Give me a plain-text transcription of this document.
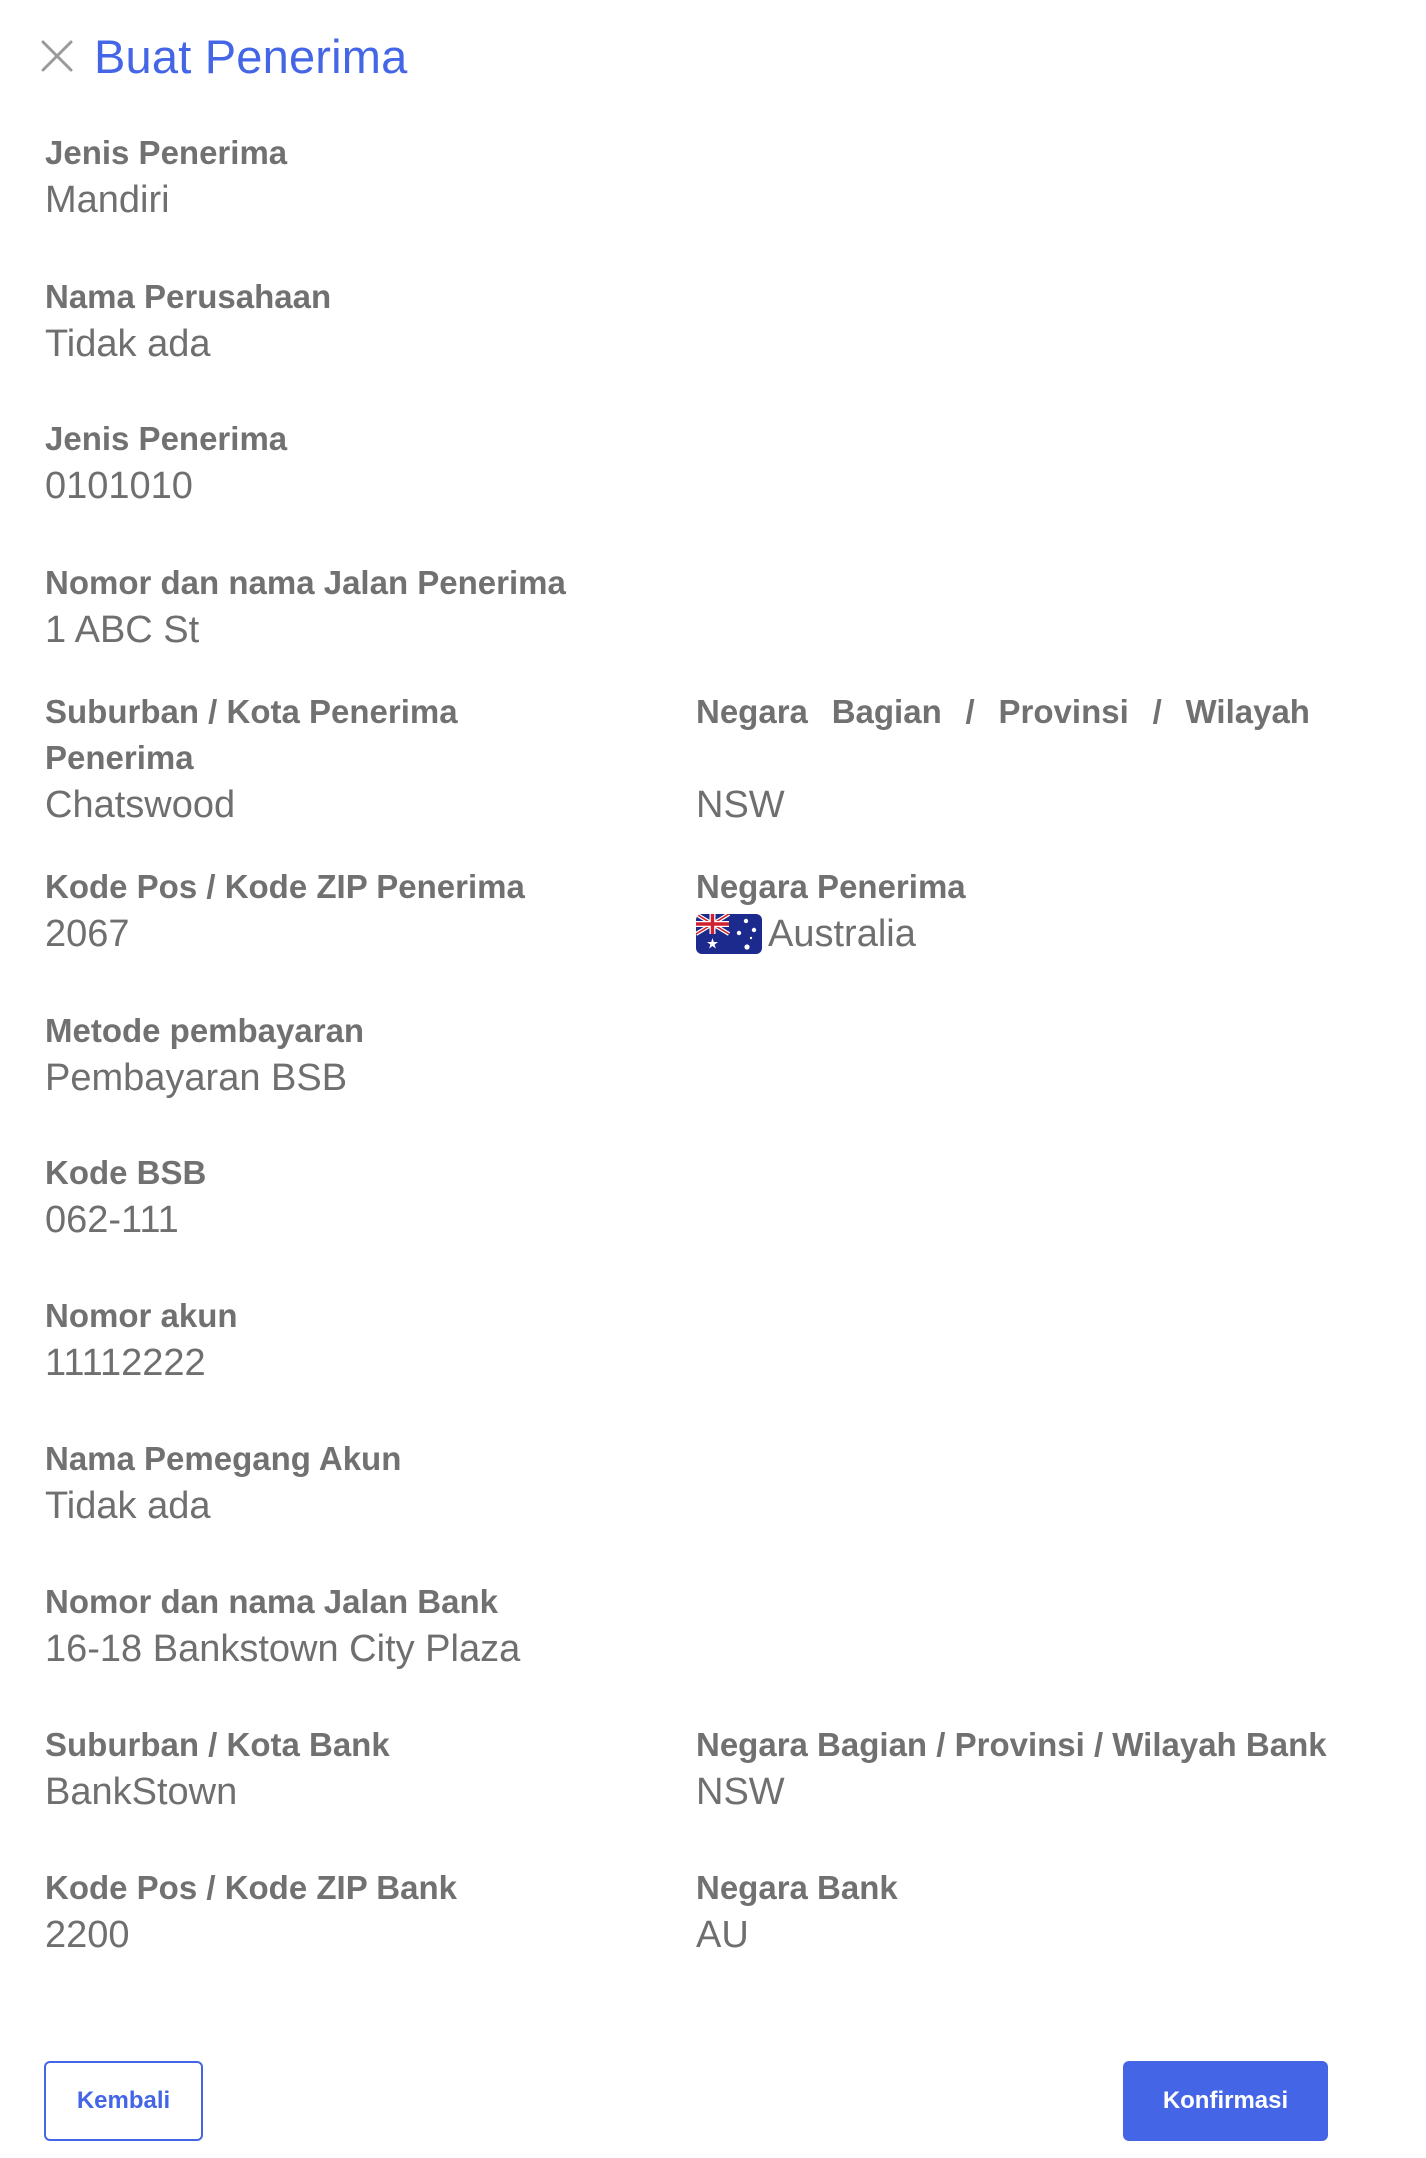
Buat Penerima
Jenis Penerima
Mandiri
Nama Perusahaan
Tidak ada
Jenis Penerima
0101010
Nomor dan nama Jalan Penerima
1 ABC St
Suburban / Kota Penerima
Penerima
Chatswood
Kode Pos / Kode ZIP Penerima
2067
Metode pembayaran
Pembayaran BSB
Kode BSB
062-111
Nomor akun
11112222
Nama Pemegang Akun
Tidak ada
Nomor dan nama Jalan Bank
16-18 Bankstown City Plaza
Suburban / Kota Bank
BankStown
Kode Pos / Kode ZIP Bank
2200
Negara Bagian / Provinsi / Wilayah

NSW
Negara Penerima
Australia
Negara Bagian / Provinsi / Wilayah Bank
NSW
Negara Bank
AU
Kembali	Konfirmasi
